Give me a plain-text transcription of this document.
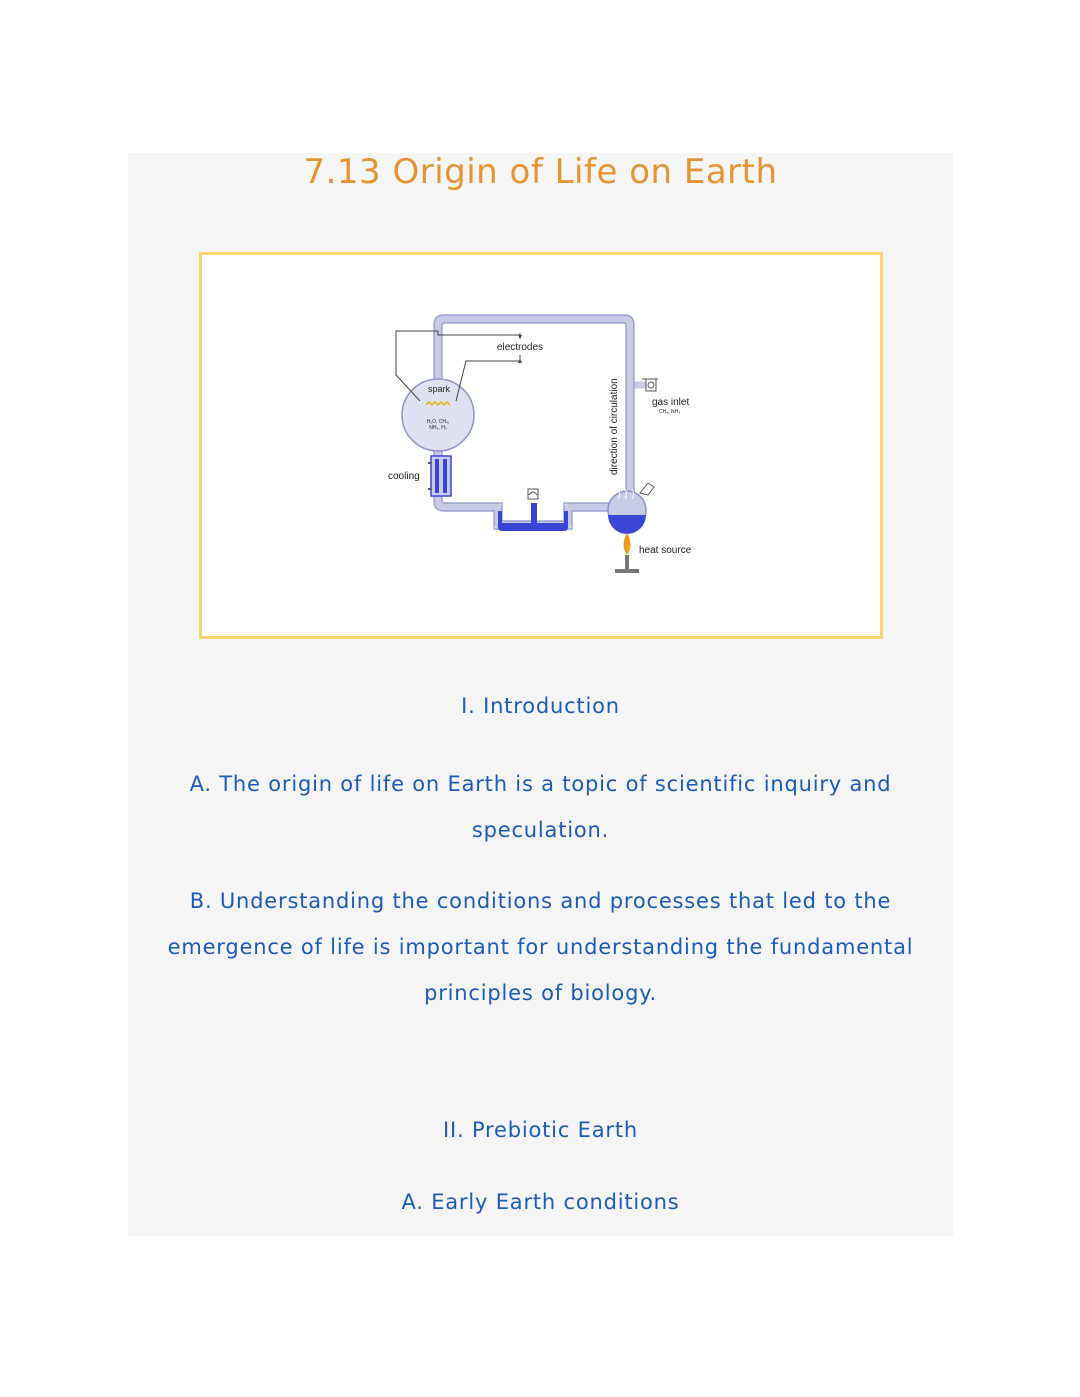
7.13 Origin of Life on Earth
spark
H₂O, CH₄,
NH₃, H₂
electrodes
cooling
direction of circulation	gas inlet
CH₄, NH₃
heat source
I. Introduction
A. The origin of life on Earth is a topic of scientific inquiry and speculation.
B. Understanding the conditions and processes that led to the emergence of life is important for understanding the fundamental principles of biology.
II. Prebiotic Earth
A. Early Earth conditions
